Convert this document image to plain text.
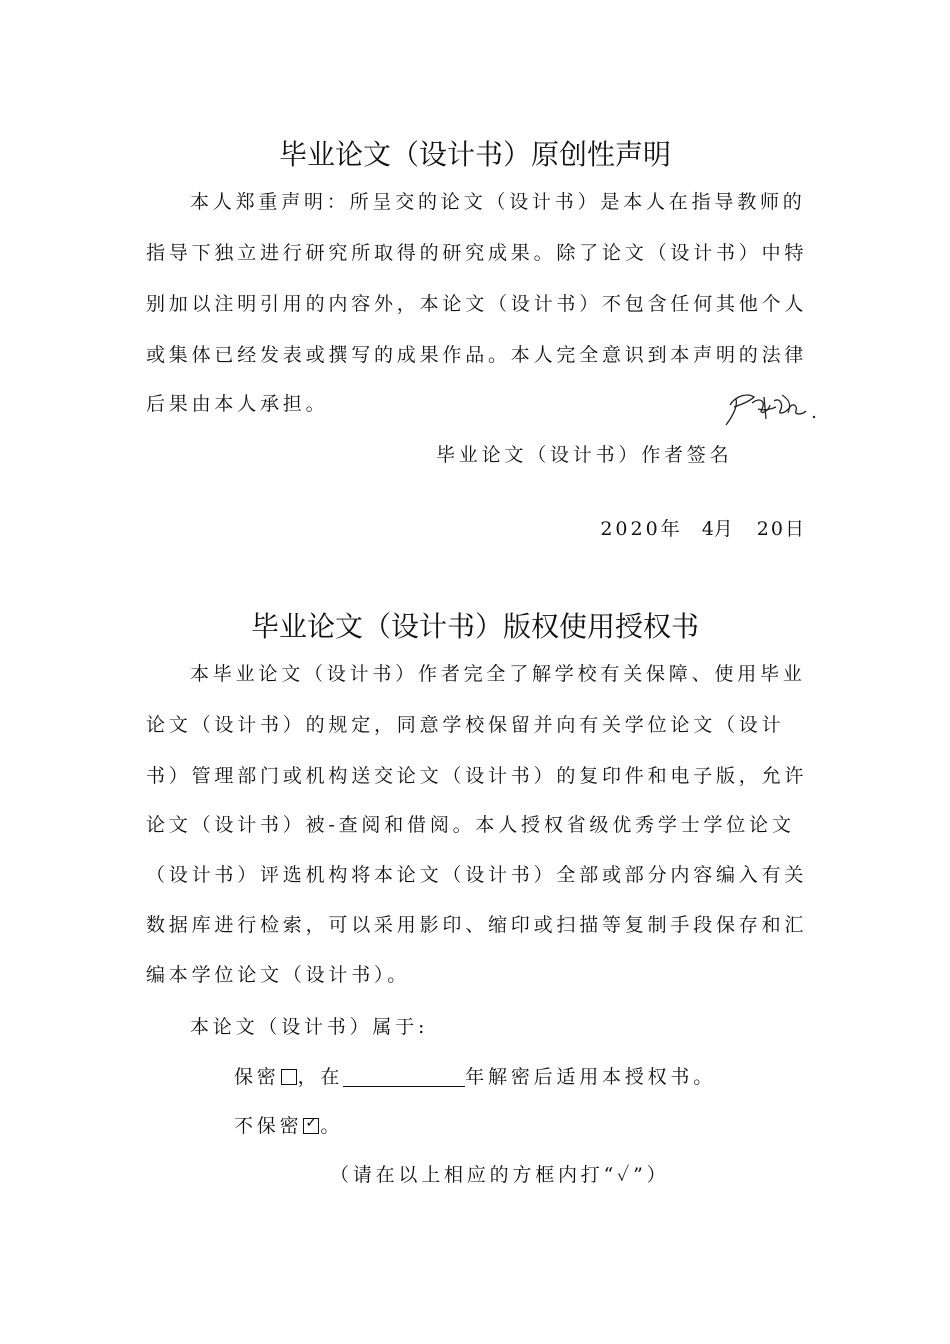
毕业论文（设计书）原创性声明
本人郑重声明：所呈交的论文（设计书）是本人在指导教师的
指导下独立进行研究所取得的研究成果。除了论文（设计书）中特
别加以注明引用的内容外，本论文（设计书）不包含任何其他个人
或集体已经发表或撰写的成果作品。本人完全意识到本声明的法律
后果由本人承担。
毕业论文（设计书）作者签名
2020年 4月 20日
毕业论文（设计书）版权使用授权书
本毕业论文（设计书）作者完全了解学校有关保障、使用毕业
论文（设计书）的规定，同意学校保留并向有关学位论文（设计
书）管理部门或机构送交论文（设计书）的复印件和电子版，允许
论文（设计书）被-查阅和借阅。本人授权省级优秀学士学位论文
（设计书）评选机构将本论文（设计书）全部或部分内容编入有关
数据库进行检索，可以采用影印、缩印或扫描等复制手段保存和汇
编本学位论文（设计书）。
本论文（设计书）属于:
保密 ，在	年解密后适用本授权书。
不保密 ✓ 。
（请在以上相应的方框内打“✓”）
